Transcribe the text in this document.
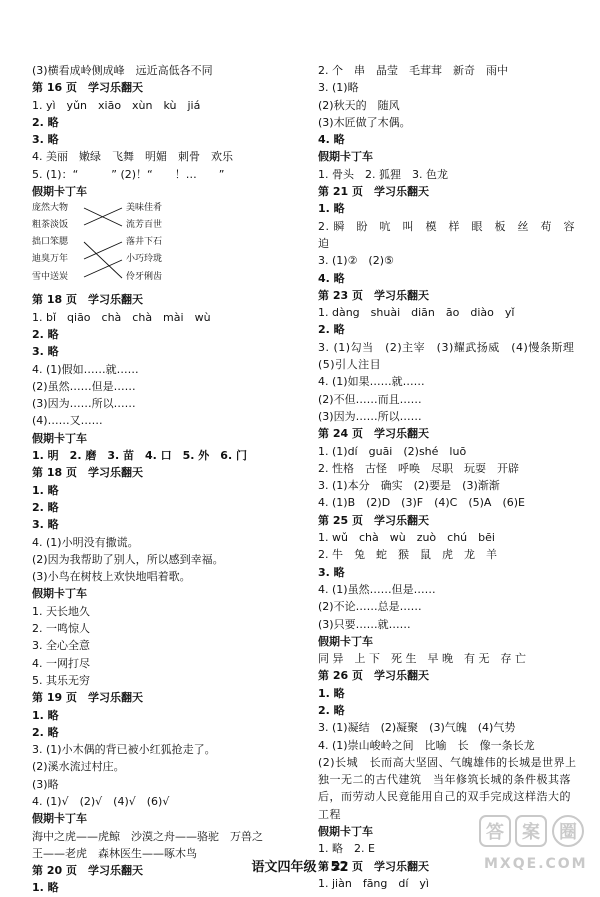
(3)横看成岭侧成峰　远近高低各不同
第 16 页　学习乐翻天
1. yì　yǔn　xiāo　xùn　kù　jiá
2. 略
3. 略
4. 美丽　嫩绿　飞舞　明媚　刺骨　欢乐
5. (1)：“　　　” (2)！“　　！…　　”
假期卡丁车
庞然大物
粗茶淡饭
拙口笨腮
迪臭万年
雪中送炭
美味佳肴
流芳百世
落井下石
小巧玲珑
伶牙俐齿
第 18 页　学习乐翻天
1. bǐ　qiāo　chà　chà　mài　wù
2. 略
3. 略
4. (1)假如……就……
(2)虽然……但是……
(3)因为……所以……
(4)……又……
假期卡丁车
1. 明　2. 磨　3. 苗　4. 口　5. 外　6. 门
第 18 页　学习乐翻天
1. 略
2. 略
3. 略
4. (1)小明没有撒谎。
(2)因为我帮助了别人，所以感到幸福。
(3)小鸟在树枝上欢快地唱着歌。
假期卡丁车
1. 天长地久
2. 一鸣惊人
3. 全心全意
4. 一网打尽
5. 其乐无穷
第 19 页　学习乐翻天
1. 略
2. 略
3. (1)小木偶的背已被小红狐抢走了。
(2)溪水流过村庄。
(3)略
4. (1)√　(2)√　(4)√　(6)√
假期卡丁车
海中之虎——虎鲸　沙漠之舟——骆驼　万兽之
王——老虎　森林医生——啄木鸟
第 20 页　学习乐翻天
1. 略
2. 个　串　晶莹　毛茸茸　新奇　雨中
3. (1)略
(2)秋天的　随风
(3)木匠做了木偶。
4. 略
假期卡丁车
1. 骨头　2. 狐狸　3. 色龙
第 21 页　学习乐翻天
1. 略
2. 瞬　盼　吭　叫　模　样　眼　板　丝　苟　容　迫
3. (1)②　(2)⑤
4. 略
第 23 页　学习乐翻天
1. dàng　shuài　diān　āo　diào　yǐ
2. 略
3. (1)勾当　(2)主宰　(3)耀武扬威　(4)慢条斯理　(5)引人注目
4. (1)如果……就……
(2)不但……而且……
(3)因为……所以……
第 24 页　学习乐翻天
1. (1)dí　guāi　(2)shé　luō
2. 性格　古怪　呼唤　尽职　玩耍　开辟
3. (1)本分　确实　(2)要是　(3)渐渐
4. (1)B　(2)D　(3)F　(4)C　(5)A　(6)E
第 25 页　学习乐翻天
1. wǔ　chà　wù　zuò　chú　bēi
2. 牛　兔　蛇　猴　鼠　虎　龙　羊
3. 略
4. (1)虽然……但是……
(2)不论……总是……
(3)只要……就……
假期卡丁车
同 异　上 下　死 生　早 晚　有 无　存 亡
第 26 页　学习乐翻天
1. 略
2. 略
3. (1)凝结　(2)凝聚　(3)气魄　(4)气势
4. (1)崇山峻岭之间　比喻　长　像一条长龙
(2)长城　长而高大坚固、气魄雄伟的长城是世界上独一无二的古代建筑　当年修筑长城的条件极其落后，而劳动人民竟能用自己的双手完成这样浩大的工程
假期卡丁车
1. 略　2. E
第 27 页　学习乐翻天
1. jiàn　fāng　dí　yì
语文四年级 · 52
答 案 圈
MXQE.COM
